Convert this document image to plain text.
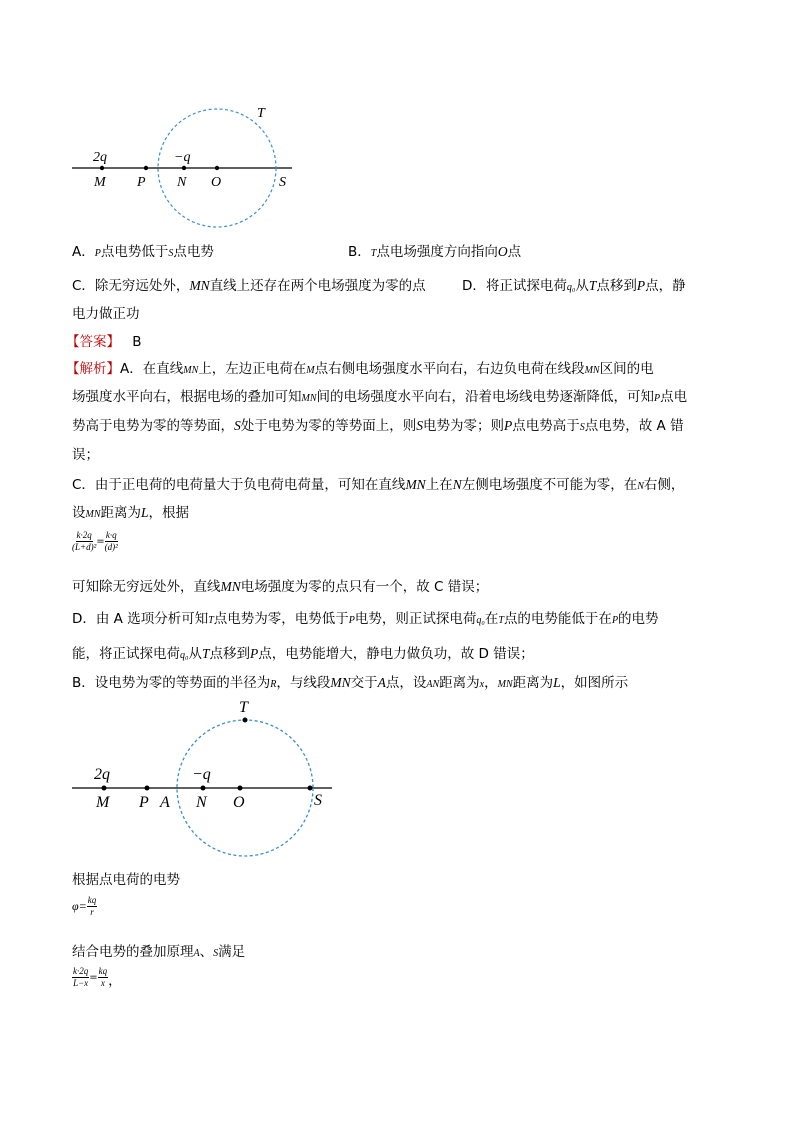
T
2q	−q
M P N O	S
A．P点电势低于S点电势	B．T点电场强度方向指向O点
C．除无穷远处外，MN直线上还存在两个电场强度为零的点	D．将正试探电荷q₀从T点移到P点，静
电力做正功
【答案】 B
【解析】A．在直线MN上，左边正电荷在M点右侧电场强度水平向右，右边负电荷在线段MN区间的电
场强度水平向右，根据电场的叠加可知MN间的电场强度水平向右，沿着电场线电势逐渐降低，可知P点电
势高于电势为零的等势面，S处于电势为零的等势面上，则S电势为零；则P点电势高于S点电势，故 A 错
误；
C．由于正电荷的电荷量大于负电荷电荷量，可知在直线MN上在N左侧电场强度不可能为零，在N右侧，
设MN距离为L，根据
$\frac{k\cdot 2q}{\text{(L+d)²}} = \frac{k\cdot q}{\text{(d)²}}$
可知除无穷远处外，直线MN电场强度为零的点只有一个，故 C 错误；
D．由 A 选项分析可知T点电势为零，电势低于P电势，则正试探电荷q₀在T点的电势能低于在P的电势
能，将正试探电荷q₀从T点移到P点，电势能增大，静电力做负功，故 D 错误；
B．设电势为零的等势面的半径为R，与线段MN交于A点，设AN距离为x，MN距离为L，如图所示
T
2q	−q
M P A N O	S
根据点电荷的电势
$\varphi= \frac{kq}{r}$
结合电势的叠加原理A、S满足
$\frac{k\cdot 2q}{L-x} = \frac{kq}{x}$ ，
